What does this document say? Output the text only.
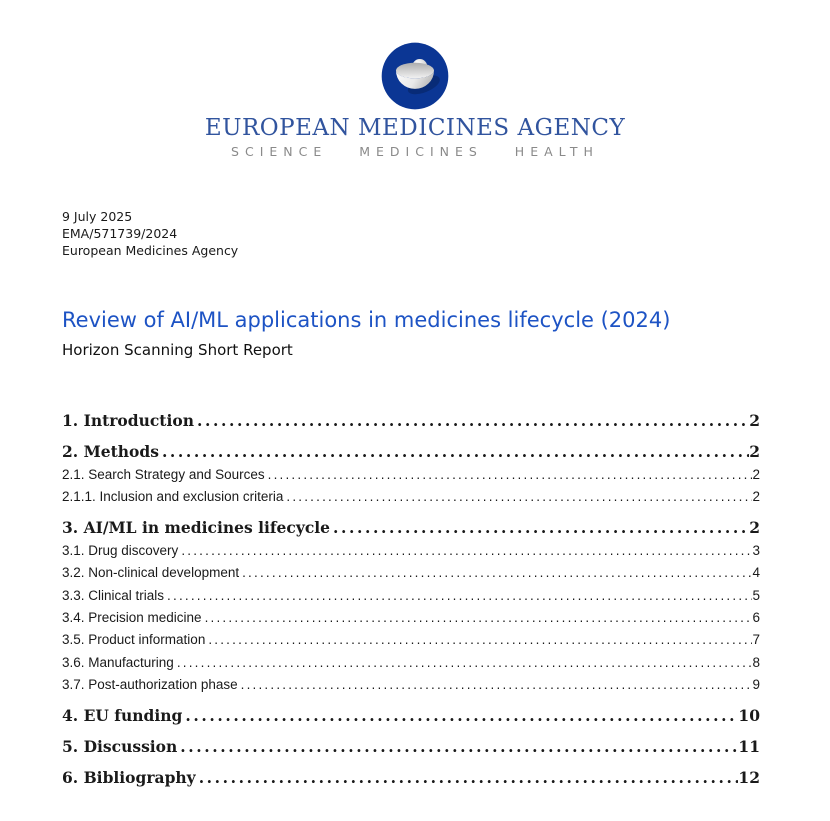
EUROPEAN MEDICINES AGENCY
SCIENCE MEDICINES HEALTH
9 July 2025
EMA/571739/2024
European Medicines Agency
Review of AI/ML applications in medicines lifecycle (2024)
Horizon Scanning Short Report
1. Introduction .....	2
2. Methods .....	2
2.1. Search Strategy and Sources .....	2
2.1.1. Inclusion and exclusion criteria .....	2
3. AI/ML in medicines lifecycle .....	2
3.1. Drug discovery .....	3
3.2. Non-clinical development .....	4
3.3. Clinical trials .....	5
3.4. Precision medicine .....	6
3.5. Product information .....	7
3.6. Manufacturing .....	8
3.7. Post-authorization phase .....	9
4. EU funding .....	10
5. Discussion .....	11
6. Bibliography .....	12
